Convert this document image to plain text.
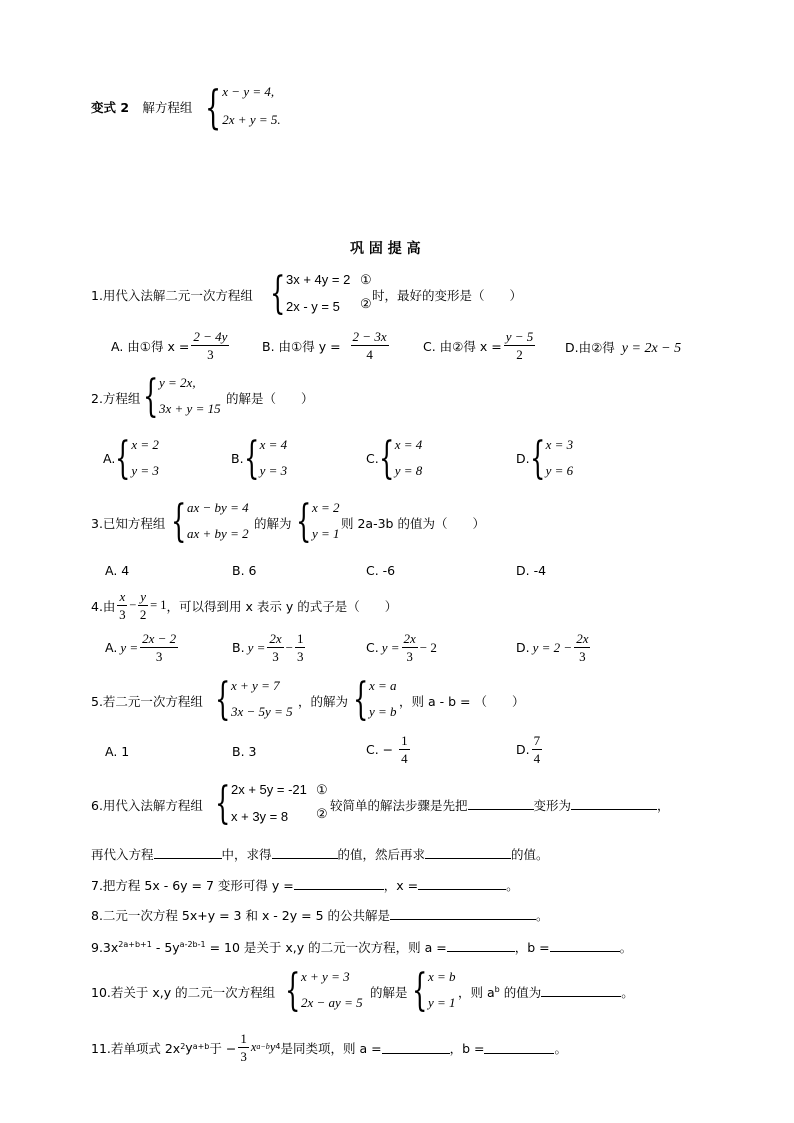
变式 2 解方程组 { x − y = 4,
2x + y = 5.
巩 固 提 高
1.用代入法解二元一次方程组 { 3x + 4y = 2
2x - y = 5
①
②
时，最好的变形是（　　）
A. 由①得 $x = \frac{2 - 4y}{3}$	B. 由①得 $y = \frac{2 - 3x}{4}$	C. 由②得 $x = \frac{y - 5}{2} D$.由②得 y = 2x − 5
2.方程组 { y = 2x,
3x + y = 15
的解是（　　）
A. { x = 2
y = 3
B. { x = 4
y = 3
C. { x = 4
y = 8
D. { x = 3
y = 6
3.已知方程组 { ax − by = 4
ax + by = 2
的解为 { x = 2
y = 1
则 2a-3b 的值为（　　）
A. 4	B. 6	C. -6	D. -4
4.由 $\frac{x}{3} - \frac{y}{2} = 1$ ，可以得到用 x 表示 y 的式子是（　　）
A. $y = \frac{2x - 2}{3}$	B. $y = \frac{2x}{3} - \frac{1}{3}$	C. $y = \frac{2x}{3} - 2$	D. $y = 2 - \frac{2x}{3}$
5.若二元一次方程组 { x + y = 7
3x − 5y = 5
，的解为 { x = a
y = b
，则 a - b = （　　）
A. 1	B. 3	C. − $\frac{1}{4}$	D. $\frac{7}{4}$
6.用代入法解方程组 { 2x + 5y = -21
x + 3y = 8
①
②
较简单的解法步骤是先把	变形为	，
再代入方程	中，求得	的值，然后再求	的值。
7.把方程 5x - 6y = 7 变形可得 y =	，x =	。
8.二元一次方程 5x+y = 3 和 x - 2y = 5 的公共解是	。
$9.3x^{2a+b+1} - 5y^{a-2b-1} = 10$ 是关于 x,y 的二元一次方程，则 a =	，b =	。
10.若关于 x,y 的二元一次方程组 { x + y = 3
2x − ay = 5
的解是 { x = b
y = 1
，则 $a^b$ 的值为	。
11.若单项式 2x 2 y a+b 于 − $\frac{1}{3}$ x a−b y 4 是同类项，则 a =	，b =	。
